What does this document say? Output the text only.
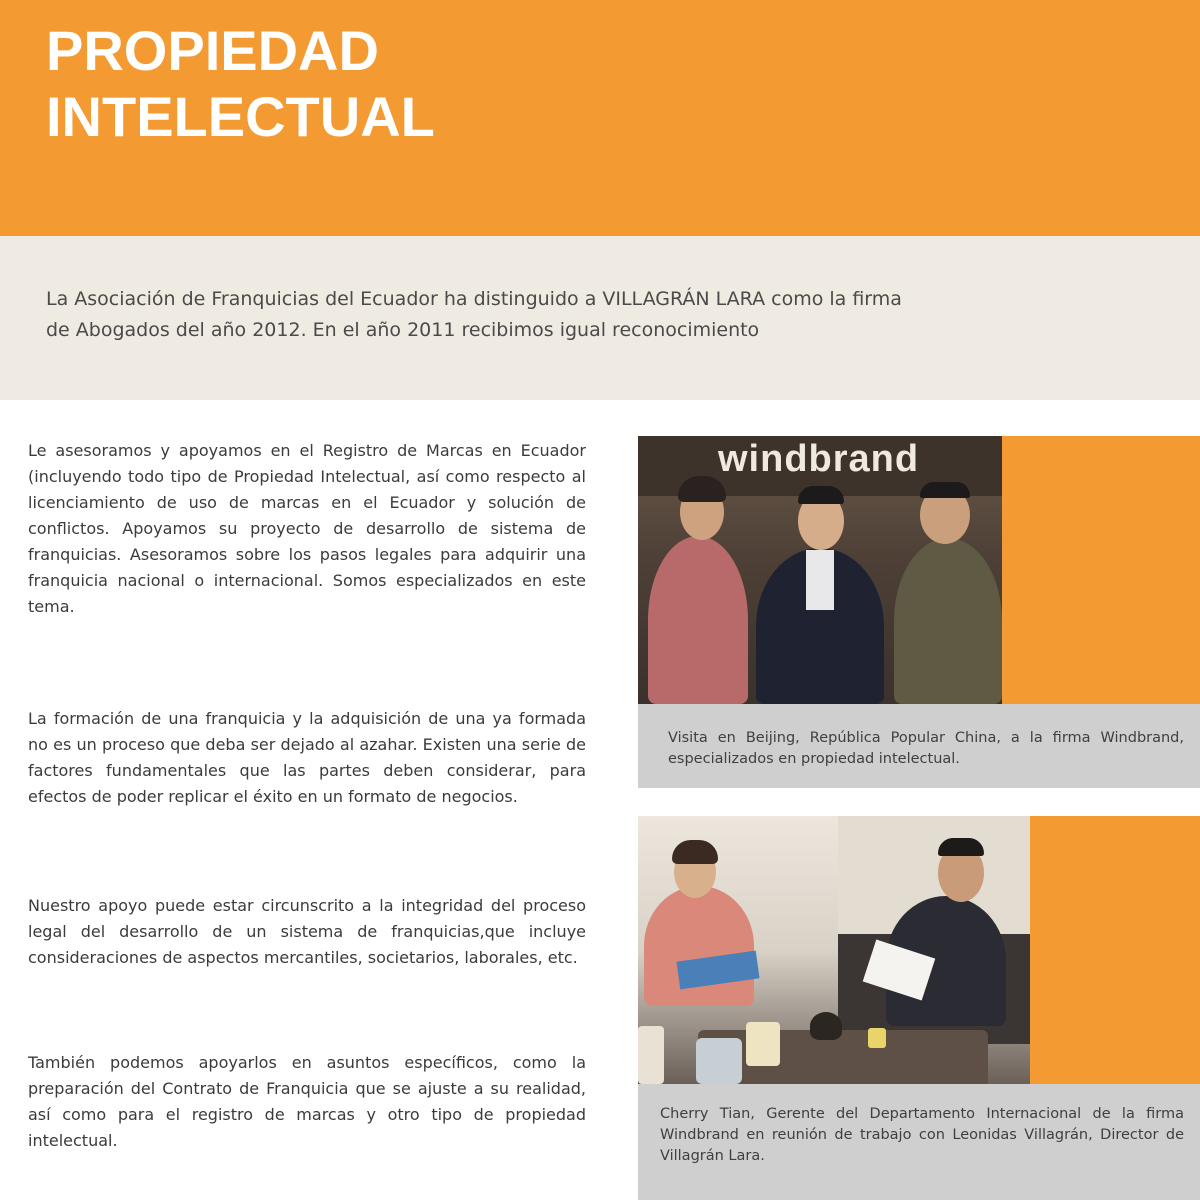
PROPIEDAD
INTELECTUAL

La Asociación de Franquicias del Ecuador ha distinguido a VILLAGRÁN LARA como la firma
de Abogados del año 2012. En el año 2011 recibimos igual reconocimiento

Le asesoramos y apoyamos en el Registro de Marcas en Ecuador (incluyendo todo tipo de Propiedad Intelectual, así como respecto al licenciamiento de uso de marcas en el Ecuador y solución de conflictos. Apoyamos su proyecto de desarrollo de sistema de franquicias. Asesoramos sobre los pasos legales para adquirir una franquicia nacional o internacional. Somos especializados en este tema.

La formación de una franquicia y la adquisición de una ya formada no es un proceso que deba ser dejado al azahar. Existen una serie de factores fundamentales que las partes deben considerar, para efectos de poder replicar el éxito en un formato de negocios.

Nuestro apoyo puede estar circunscrito a la integridad del proceso legal del desarrollo de un sistema de franquicias,que incluye consideraciones de aspectos mercantiles, societarios, laborales, etc.

También podemos apoyarlos en asuntos específicos, como la preparación del Contrato de Franquicia que se ajuste a su realidad, así como para el registro de marcas y otro tipo de propiedad intelectual.

windbrand

Visita en Beijing, República Popular China, a la firma Windbrand, especializados en propiedad intelectual.

Cherry Tian, Gerente del Departamento Internacional de la firma Windbrand en reunión de trabajo con Leonidas Villagrán, Director de Villagrán Lara.
